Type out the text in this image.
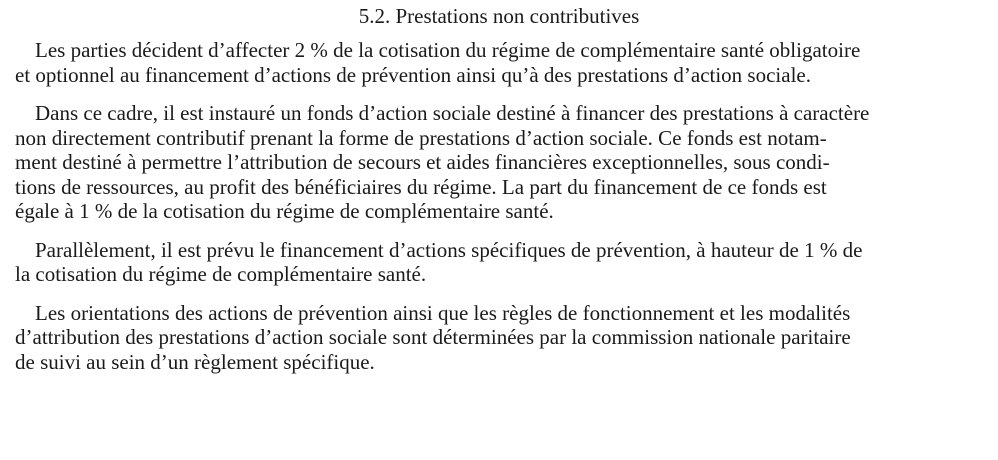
5.2. Prestations non contributives
Les parties décident d’affecter 2 % de la cotisation du régime de complémentaire santé obligatoire
et optionnel au financement d’actions de prévention ainsi qu’à des prestations d’action sociale.
Dans ce cadre, il est instauré un fonds d’action sociale destiné à financer des prestations à caractère
non directement contributif prenant la forme de prestations d’action sociale. Ce fonds est notam-
ment destiné à permettre l’attribution de secours et aides financières exceptionnelles, sous condi-
tions de ressources, au profit des bénéficiaires du régime. La part du financement de ce fonds est
égale à 1 % de la cotisation du régime de complémentaire santé.
Parallèlement, il est prévu le financement d’actions spécifiques de prévention, à hauteur de 1 % de
la cotisation du régime de complémentaire santé.
Les orientations des actions de prévention ainsi que les règles de fonctionnement et les modalités
d’attribution des prestations d’action sociale sont déterminées par la commission nationale paritaire
de suivi au sein d’un règlement spécifique.
